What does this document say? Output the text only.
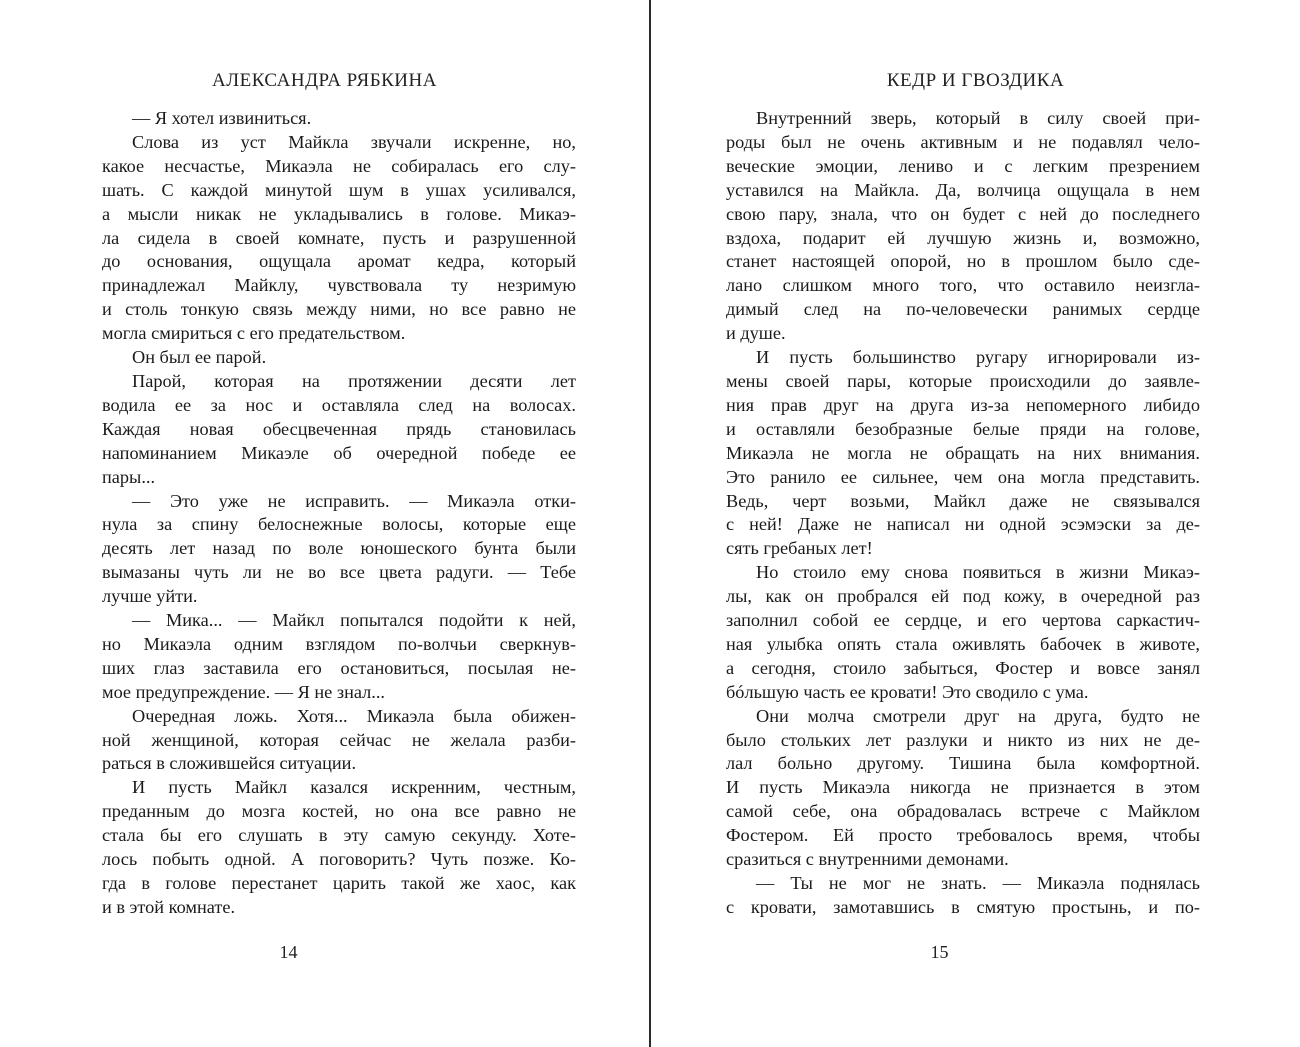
АЛЕКСАНДРА РЯБКИНА
— Я хотел извиниться.
Слова из уст Майкла звучали искренне, но,
какое несчастье, Микаэла не собиралась его слу-
шать. С каждой минутой шум в ушах усиливался,
а мысли никак не укладывались в голове. Микаэ-
ла сидела в своей комнате, пусть и разрушенной
до основания, ощущала аромат кедра, который
принадлежал Майклу, чувствовала ту незримую
и столь тонкую связь между ними, но все равно не
могла смириться с его предательством.
Он был ее парой.
Парой, которая на протяжении десяти лет
водила ее за нос и оставляла след на волосах.
Каждая новая обесцвеченная прядь становилась
напоминанием Микаэле об очередной победе ее
пары...
— Это уже не исправить. — Микаэла отки-
нула за спину белоснежные волосы, которые еще
десять лет назад по воле юношеского бунта были
вымазаны чуть ли не во все цвета радуги. — Тебе
лучше уйти.
— Мика... — Майкл попытался подойти к ней,
но Микаэла одним взглядом по-волчьи сверкнув-
ших глаз заставила его остановиться, посылая не-
мое предупреждение. — Я не знал...
Очередная ложь. Хотя... Микаэла была обижен-
ной женщиной, которая сейчас не желала разби-
раться в сложившейся ситуации.
И пусть Майкл казался искренним, честным,
преданным до мозга костей, но она все равно не
стала бы его слушать в эту самую секунду. Хоте-
лось побыть одной. А поговорить? Чуть позже. Ко-
гда в голове перестанет царить такой же хаос, как
и в этой комнате.
14
КЕДР И ГВОЗДИКА
Внутренний зверь, который в силу своей при-
роды был не очень активным и не подавлял чело-
веческие эмоции, лениво и с легким презрением
уставился на Майкла. Да, волчица ощущала в нем
свою пару, знала, что он будет с ней до последнего
вздоха, подарит ей лучшую жизнь и, возможно,
станет настоящей опорой, но в прошлом было сде-
лано слишком много того, что оставило неизгла-
димый след на по-человечески ранимых сердце
и душе.
И пусть большинство ругару игнорировали из-
мены своей пары, которые происходили до заявле-
ния прав друг на друга из-за непомерного либидо
и оставляли безобразные белые пряди на голове,
Микаэла не могла не обращать на них внимания.
Это ранило ее сильнее, чем она могла представить.
Ведь, черт возьми, Майкл даже не связывался
с ней! Даже не написал ни одной эсэмэски за де-
сять гребаных лет!
Но стоило ему снова появиться в жизни Микаэ-
лы, как он пробрался ей под кожу, в очередной раз
заполнил собой ее сердце, и его чертова саркастич-
ная улыбка опять стала оживлять бабочек в животе,
а сегодня, стоило забыться, Фостер и вовсе занял
бóльшую часть ее кровати! Это сводило с ума.
Они молча смотрели друг на друга, будто не
было стольких лет разлуки и никто из них не де-
лал больно другому. Тишина была комфортной.
И пусть Микаэла никогда не признается в этом
самой себе, она обрадовалась встрече с Майклом
Фостером. Ей просто требовалось время, чтобы
сразиться с внутренними демонами.
— Ты не мог не знать. — Микаэла поднялась
с кровати, замотавшись в смятую простынь, и по-
15
